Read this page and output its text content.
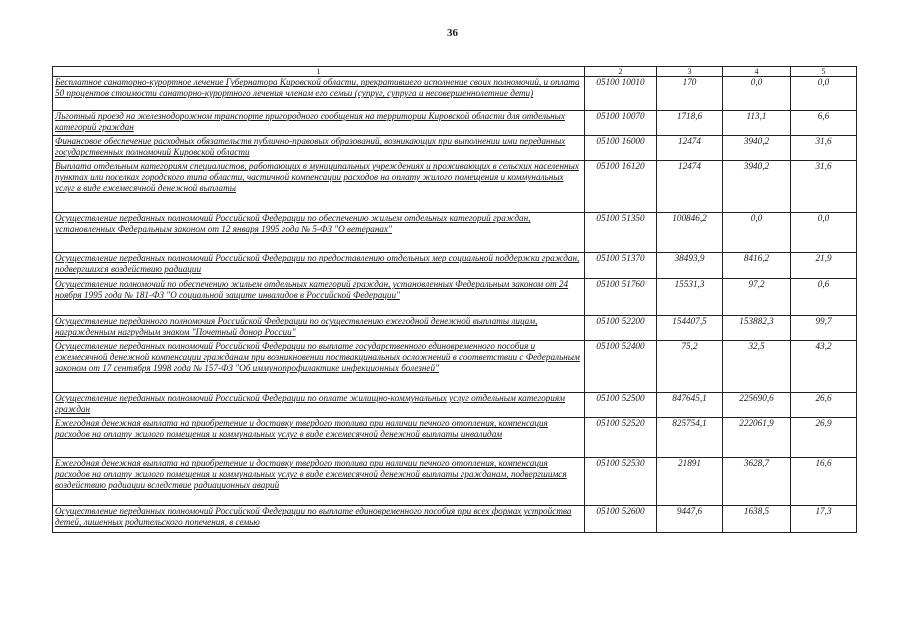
36
1	2	3	4	5
Бесплатное санаторно-курортное лечение Губернатора Кировской области, прекратившего исполнение своих полномочий, и оплата 50 процентов стоимости санаторно-курортного лечения членам его семьи (супруг, супруга и несовершеннолетние дети)	05100 10010	170	0,0	0,0
Льготный проезд на железнодорожном транспорте пригородного сообщения на территории Кировской области для отдельных категорий граждан	05100 10070	1718,6	113,1	6,6
Финансовое обеспечение расходных обязательств публично-правовых образований, возникающих при выполнении ими переданных государственных полномочий Кировской области	05100 16000	12474	3940,2	31,6
Выплата отдельным категориям специалистов, работающих в муниципальных учреждениях и проживающих в сельских населенных пунктах или поселках городского типа области, частичной компенсации расходов на оплату жилого помещения и коммунальных услуг в виде ежемесячной денежной выплаты	05100 16120	12474	3940,2	31,6
Осуществление переданных полномочий Российской Федерации по обеспечению жильем отдельных категорий граждан, установленных Федеральным законом от 12 января 1995 года № 5-ФЗ "О ветеранах"	05100 51350	100846,2	0,0	0,0
Осуществление переданных полномочий Российской Федерации по предоставлению отдельных мер социальной поддержки граждан, подвергшихся воздействию радиации	05100 51370	38493,9	8416,2	21,9
Осуществление полномочий по обеспечению жильем отдельных категорий граждан, установленных Федеральным законом от 24 ноября 1995 года № 181-ФЗ "О социальной защите инвалидов в Российской Федерации"	05100 51760	15531,3	97,2	0,6
Осуществление переданного полномочия Российской Федерации по осуществлению ежегодной денежной выплаты лицам, награжденным нагрудным знаком "Почетный донор России"	05100 52200	154407,5	153882,3	99,7
Осуществление переданных полномочий Российской Федерации по выплате государственного единовременного пособия и ежемесячной денежной компенсации гражданам при возникновении поствакцинальных осложнений в соответствии с Федеральным законом от 17 сентября 1998 года № 157-ФЗ "Об иммунопрофилактике инфекционных болезней"	05100 52400	75,2	32,5	43,2
Осуществление переданных полномочий Российской Федерации по оплате жилищно-коммунальных услуг отдельным категориям граждан	05100 52500	847645,1	225690,6	26,6
Ежегодная денежная выплата на приобретение и доставку твердого топлива при наличии печного отопления, компенсация расходов на оплату жилого помещения и коммунальных услуг в виде ежемесячной денежной выплаты инвалидам	05100 52520	825754,1	222061,9	26,9
Ежегодная денежная выплата на приобретение и доставку твердого топлива при наличии печного отопления, компенсация расходов на оплату жилого помещения и коммунальных услуг в виде ежемесячной денежной выплаты гражданам, подвергшимся воздействию радиации вследствие радиационных аварий	05100 52530	21891	3628,7	16,6
Осуществление переданных полномочий Российской Федерации по выплате единовременного пособия при всех формах устройства детей, лишенных родительского попечения, в семью	05100 52600	9447,6	1638,5	17,3
